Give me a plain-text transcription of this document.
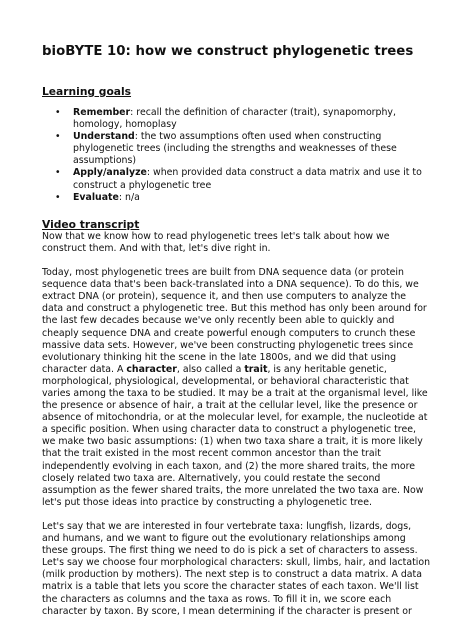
bioBYTE 10: how we construct phylogenetic trees
Learning goals
• Remember: recall the definition of character (trait), synapomorphy,
homology, homoplasy
• Understand: the two assumptions often used when constructing
phylogenetic trees (including the strengths and weaknesses of these
assumptions)
• Apply/analyze: when provided data construct a data matrix and use it to
construct a phylogenetic tree
• Evaluate: n/a
Video transcript

Now that we know how to read phylogenetic trees let's talk about how we
construct them. And with that, let's dive right in.

Today, most phylogenetic trees are built from DNA sequence data (or protein
sequence data that's been back-translated into a DNA sequence). To do this, we
extract DNA (or protein), sequence it, and then use computers to analyze the
data and construct a phylogenetic tree. But this method has only been around for
the last few decades because we've only recently been able to quickly and
cheaply sequence DNA and create powerful enough computers to crunch these
massive data sets. However, we've been constructing phylogenetic trees since
evolutionary thinking hit the scene in the late 1800s, and we did that using
character data. A character, also called a trait, is any heritable genetic,
morphological, physiological, developmental, or behavioral characteristic that
varies among the taxa to be studied. It may be a trait at the organismal level, like
the presence or absence of hair, a trait at the cellular level, like the presence or
absence of mitochondria, or at the molecular level, for example, the nucleotide at
a specific position. When using character data to construct a phylogenetic tree,
we make two basic assumptions: (1) when two taxa share a trait, it is more likely
that the trait existed in the most recent common ancestor than the trait
independently evolving in each taxon, and (2) the more shared traits, the more
closely related two taxa are. Alternatively, you could restate the second
assumption as the fewer shared traits, the more unrelated the two taxa are. Now
let's put those ideas into practice by constructing a phylogenetic tree.

Let's say that we are interested in four vertebrate taxa: lungfish, lizards, dogs,
and humans, and we want to figure out the evolutionary relationships among
these groups. The first thing we need to do is pick a set of characters to assess.
Let's say we choose four morphological characters: skull, limbs, hair, and lactation
(milk production by mothers). The next step is to construct a data matrix. A data
matrix is a table that lets you score the character states of each taxon. We'll list
the characters as columns and the taxa as rows. To fill it in, we score each
character by taxon. By score, I mean determining if the character is present or
